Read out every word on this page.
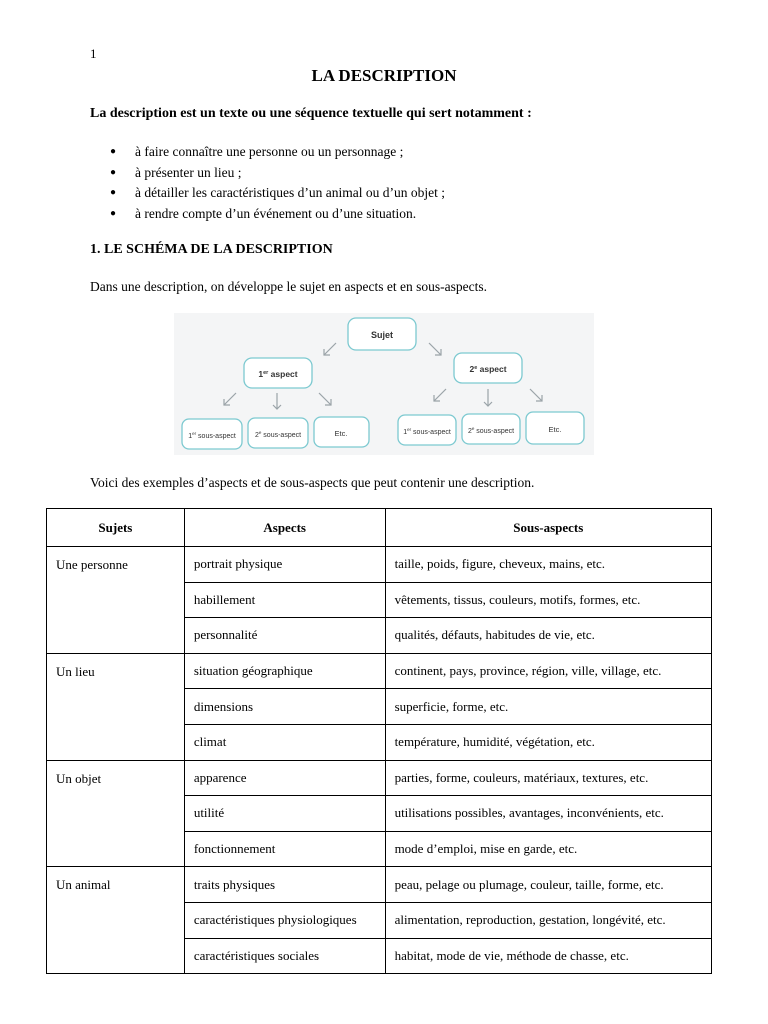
1
LA DESCRIPTION
La description est un texte ou une séquence textuelle qui sert notamment :
● à faire connaître une personne ou un personnage ;
● à présenter un lieu ;
● à détailler les caractéristiques d’un animal ou d’un objet ;
● à rendre compte d’un événement ou d’une situation.
1. LE SCHÉMA DE LA DESCRIPTION
Dans une description, on développe le sujet en aspects et en sous-aspects.
Sujet
1er aspect	2e aspect
1er sous-aspect	2e sous-aspect	Etc.	1er sous-aspect 2e sous-aspect	Etc.
Voici des exemples d’aspects et de sous-aspects que peut contenir une description.
Sujets	Aspects	Sous-aspects
Une personne	portrait physique	taille, poids, figure, cheveux, mains, etc.
	habillement	vêtements, tissus, couleurs, motifs, formes, etc.
	personnalité	qualités, défauts, habitudes de vie, etc.
Un lieu	situation géographique	continent, pays, province, région, ville, village, etc.
	dimensions	superficie, forme, etc.
	climat	température, humidité, végétation, etc.
Un objet	apparence	parties, forme, couleurs, matériaux, textures, etc.
	utilité	utilisations possibles, avantages, inconvénients, etc.
	fonctionnement	mode d’emploi, mise en garde, etc.
Un animal	traits physiques	peau, pelage ou plumage, couleur, taille, forme, etc.
	caractéristiques physiologiques	alimentation, reproduction, gestation, longévité, etc.
	caractéristiques sociales	habitat, mode de vie, méthode de chasse, etc.
